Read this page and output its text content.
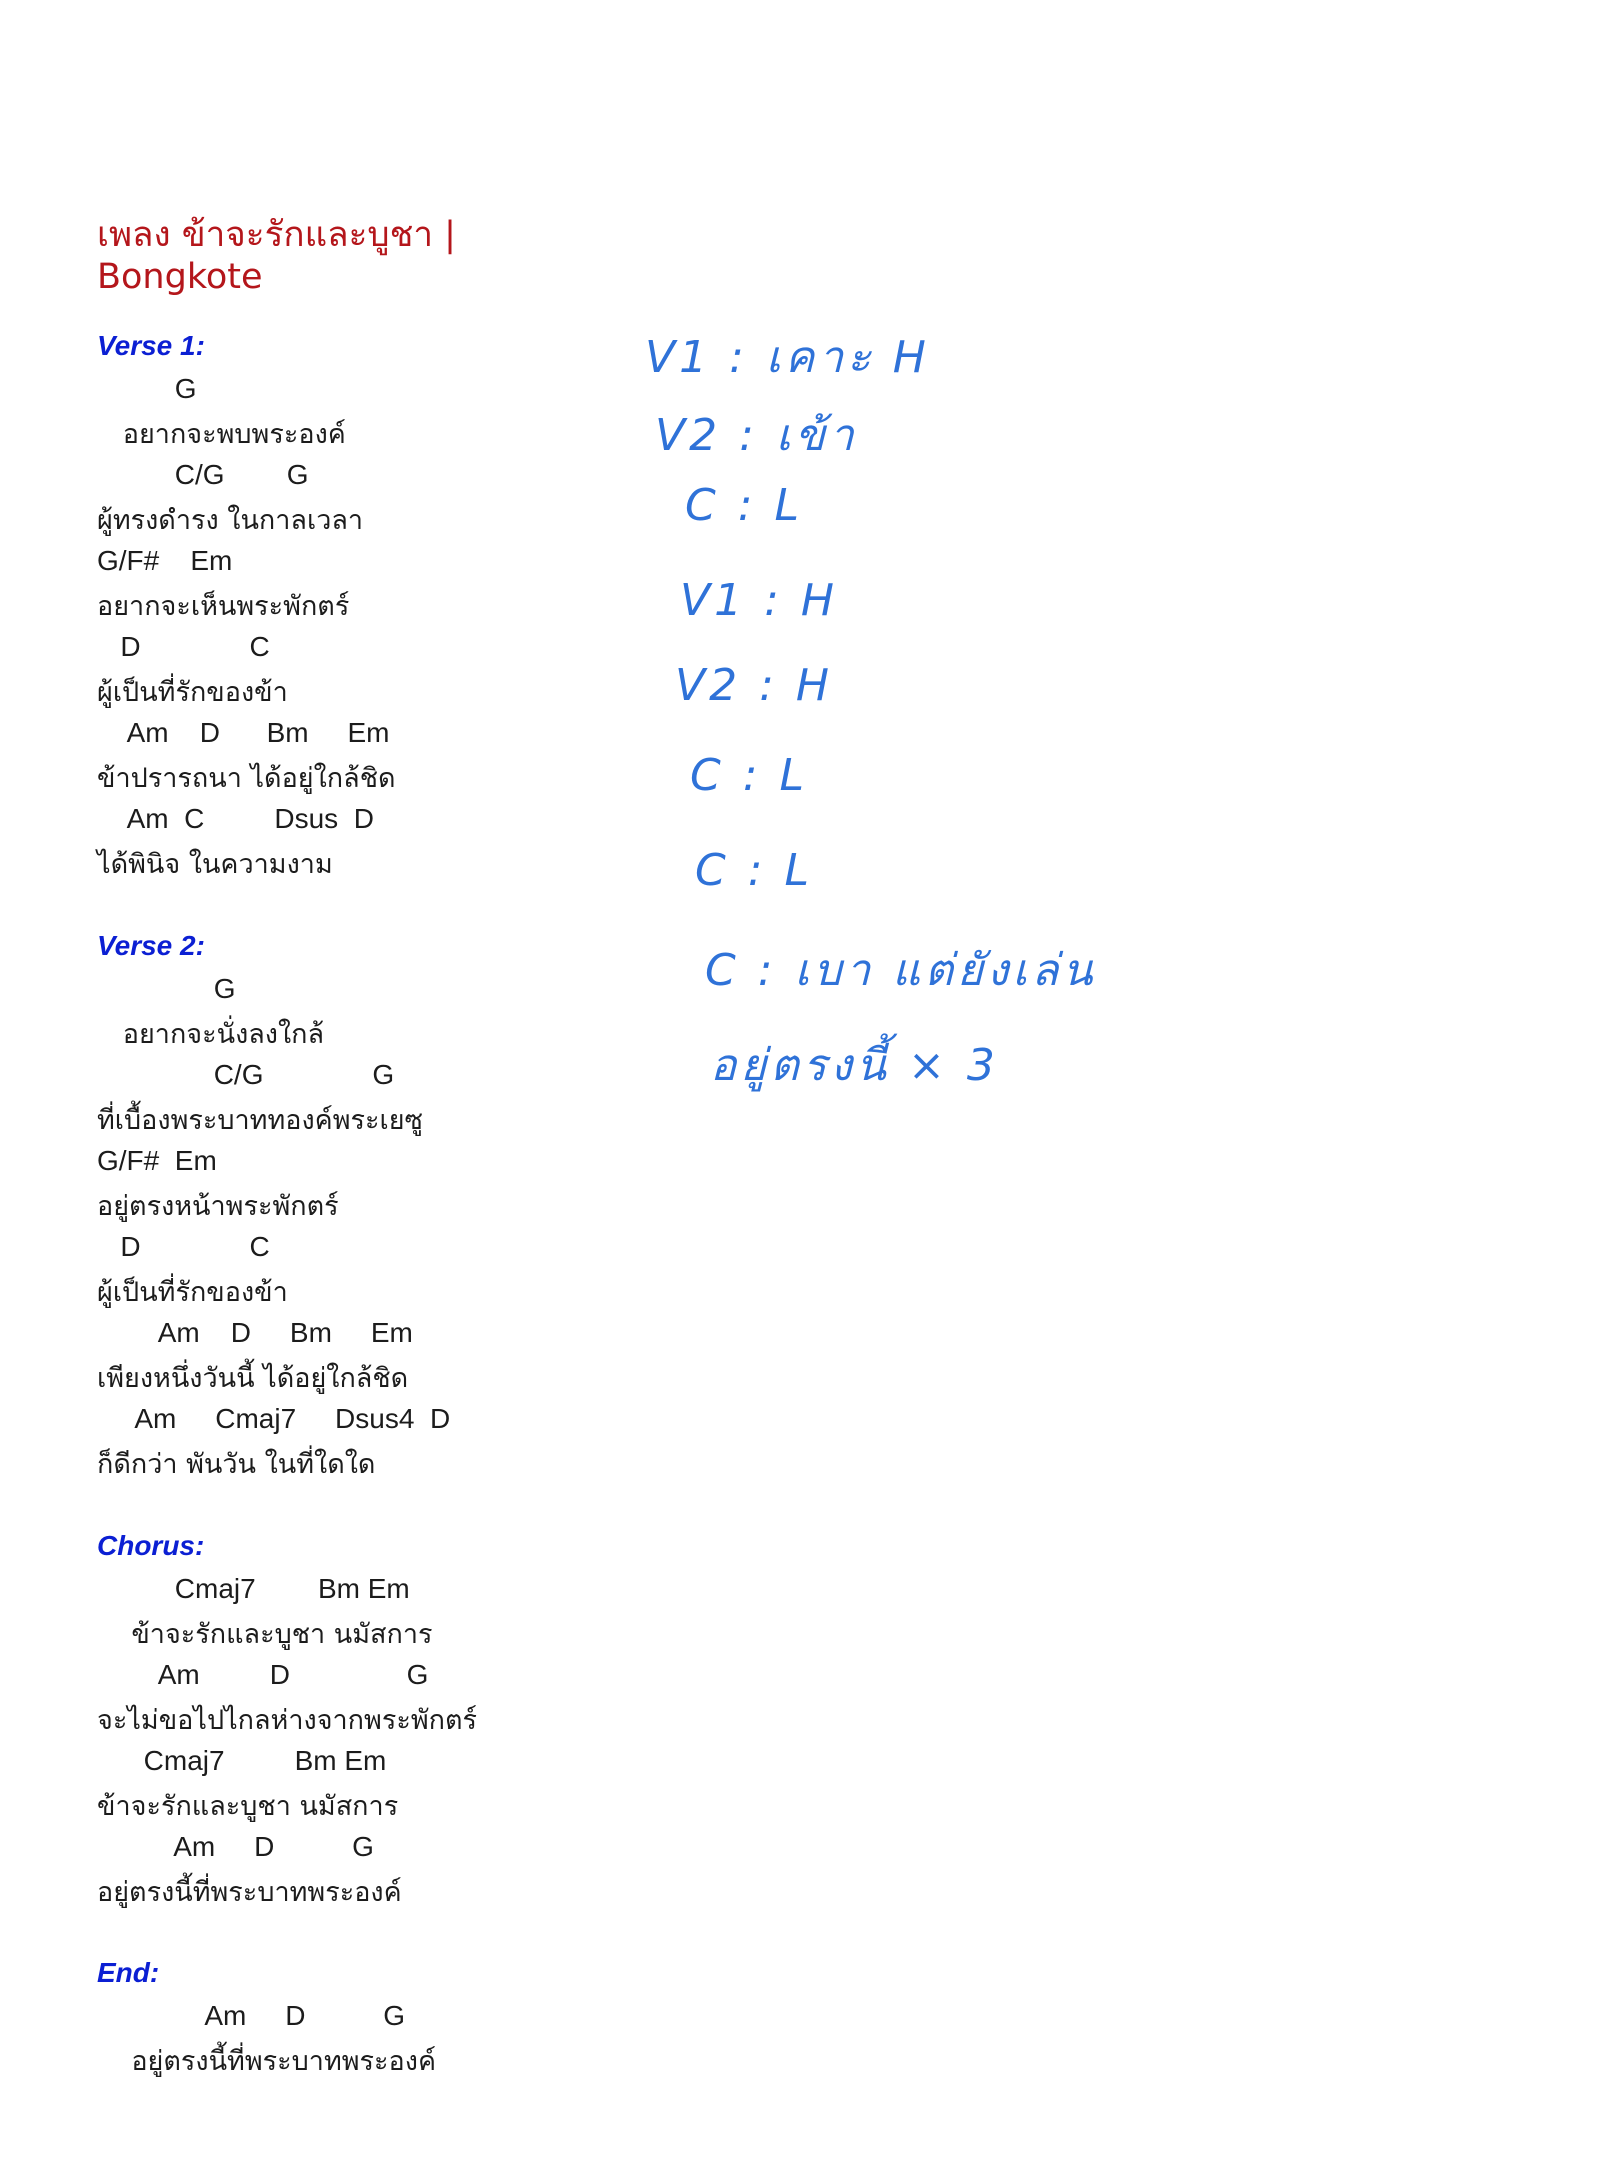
เพลง ข้าจะรักและบูชา |
Bongkote
Verse 1:
G
อยากจะพบพระองค์
C/G        G
ผู้ทรงดำรง ในกาลเวลา
G/F#    Em
อยากจะเห็นพระพักตร์
D              C
ผู้เป็นที่รักของข้า
Am    D      Bm     Em
ข้าปรารถนา ได้อยู่ใกล้ชิด
Am  C         Dsus  D
ได้พินิจ ในความงาม
Verse 2:
G
อยากจะนั่งลงใกล้
C/G              G
ที่เบื้องพระบาททองค์พระเยซู
G/F#  Em
อยู่ตรงหน้าพระพักตร์
D              C
ผู้เป็นที่รักของข้า
Am    D     Bm     Em
เพียงหนึ่งวันนี้ ได้อยู่ใกล้ชิด
Am     Cmaj7     Dsus4  D
ก็ดีกว่า พันวัน ในที่ใดใด
Chorus:
Cmaj7        Bm Em
ข้าจะรักและบูชา นมัสการ
Am         D               G
จะไม่ขอไปไกลห่างจากพระพักตร์
Cmaj7         Bm Em
ข้าจะรักและบูชา นมัสการ
Am     D          G
อยู่ตรงนี้ที่พระบาทพระองค์
End:
Am     D          G
อยู่ตรงนี้ที่พระบาทพระองค์
V1 : เคาะ H
V2 : เข้า
C : L
V1 : H
V2 : H
C : L
C : L
C : เบา แต่ยังเล่น
อยู่ตรงนี้ × 3
